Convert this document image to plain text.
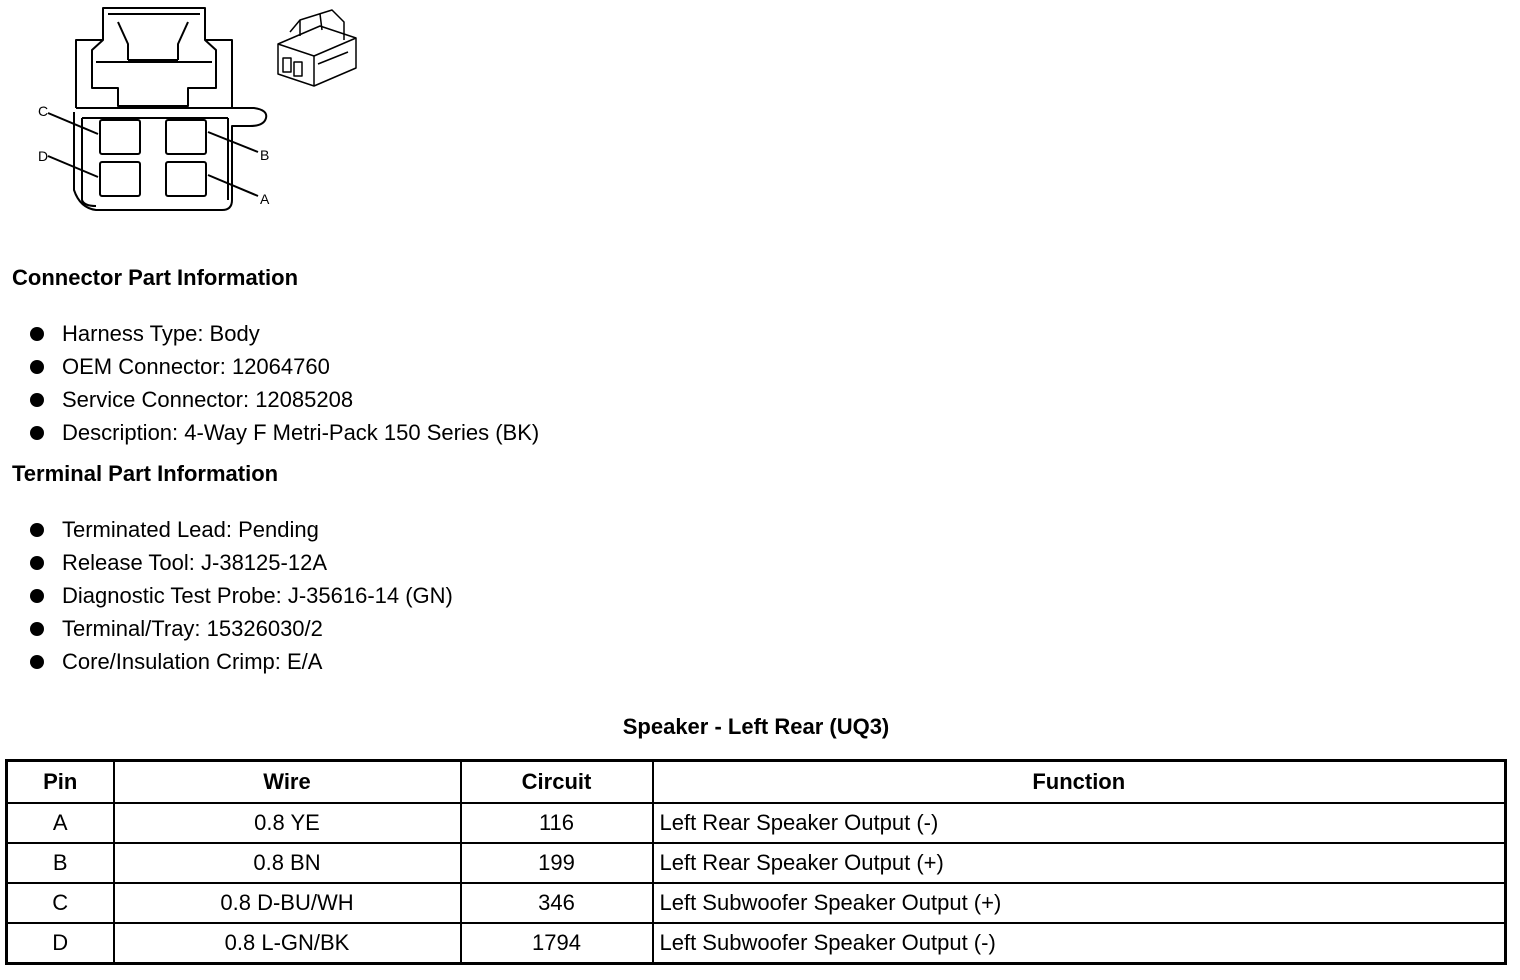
C
B
D
A
Connector Part Information
Harness Type: Body
OEM Connector: 12064760
Service Connector: 12085208
Description: 4-Way F Metri-Pack 150 Series (BK)
Terminal Part Information
Terminated Lead: Pending
Release Tool: J-38125-12A
Diagnostic Test Probe: J-35616-14 (GN)
Terminal/Tray: 15326030/2
Core/Insulation Crimp: E/A
Speaker - Left Rear (UQ3)
Pin	Wire	Circuit	Function
A	0.8 YE	116	Left Rear Speaker Output (-)
B	0.8 BN	199	Left Rear Speaker Output (+)
C	0.8 D-BU/WH	346	Left Subwoofer Speaker Output (+)
D	0.8 L-GN/BK	1794	Left Subwoofer Speaker Output (-)
